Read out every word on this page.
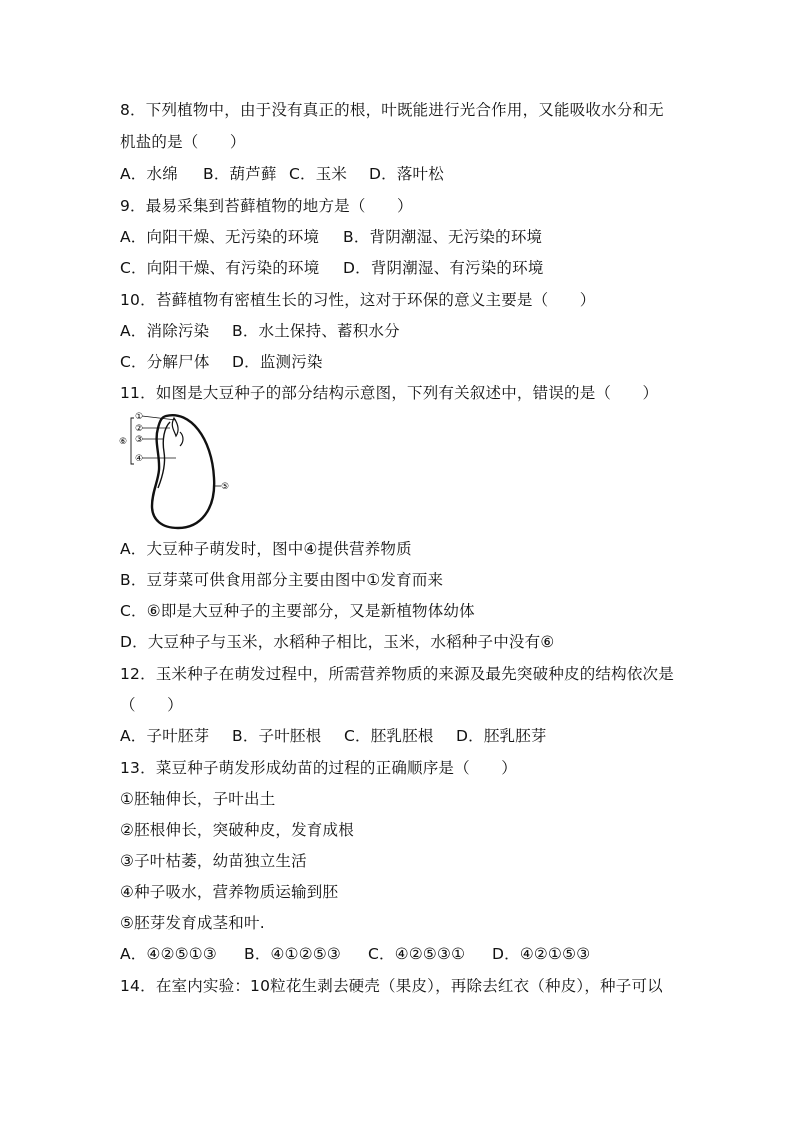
8．下列植物中，由于没有真正的根，叶既能进行光合作用，又能吸收水分和无
机盐的是（　　）
A．水绵 B．葫芦藓 C．玉米 D．落叶松
9．最易采集到苔藓植物的地方是（　　）
A．向阳干燥、无污染的环境 B．背阴潮湿、无污染的环境
C．向阳干燥、有污染的环境 D．背阴潮湿、有污染的环境
10．苔藓植物有密植生长的习性，这对于环保的意义主要是（　　）
A．消除污染 B．水土保持、蓄积水分
C．分解尸体 D．监测污染
11．如图是大豆种子的部分结构示意图，下列有关叙述中，错误的是（　　）
①
②
③
④
⑤
⑥
A．大豆种子萌发时，图中④提供营养物质
B．豆芽菜可供食用部分主要由图中①发育而来
C．⑥即是大豆种子的主要部分，又是新植物体幼体
D．大豆种子与玉米，水稻种子相比，玉米，水稻种子中没有⑥
12．玉米种子在萌发过程中，所需营养物质的来源及最先突破种皮的结构依次是
（　　）
A．子叶胚芽 B．子叶胚根 C．胚乳胚根 D．胚乳胚芽
13．菜豆种子萌发形成幼苗的过程的正确顺序是（　　）
①胚轴伸长，子叶出土
②胚根伸长，突破种皮，发育成根
③子叶枯萎，幼苗独立生活
④种子吸水，营养物质运输到胚
⑤胚芽发育成茎和叶.
A．④②⑤①③ B．④①②⑤③ C．④②⑤③① D．④②①⑤③
14．在室内实验：10粒花生剥去硬壳（果皮），再除去红衣（种皮），种子可以
